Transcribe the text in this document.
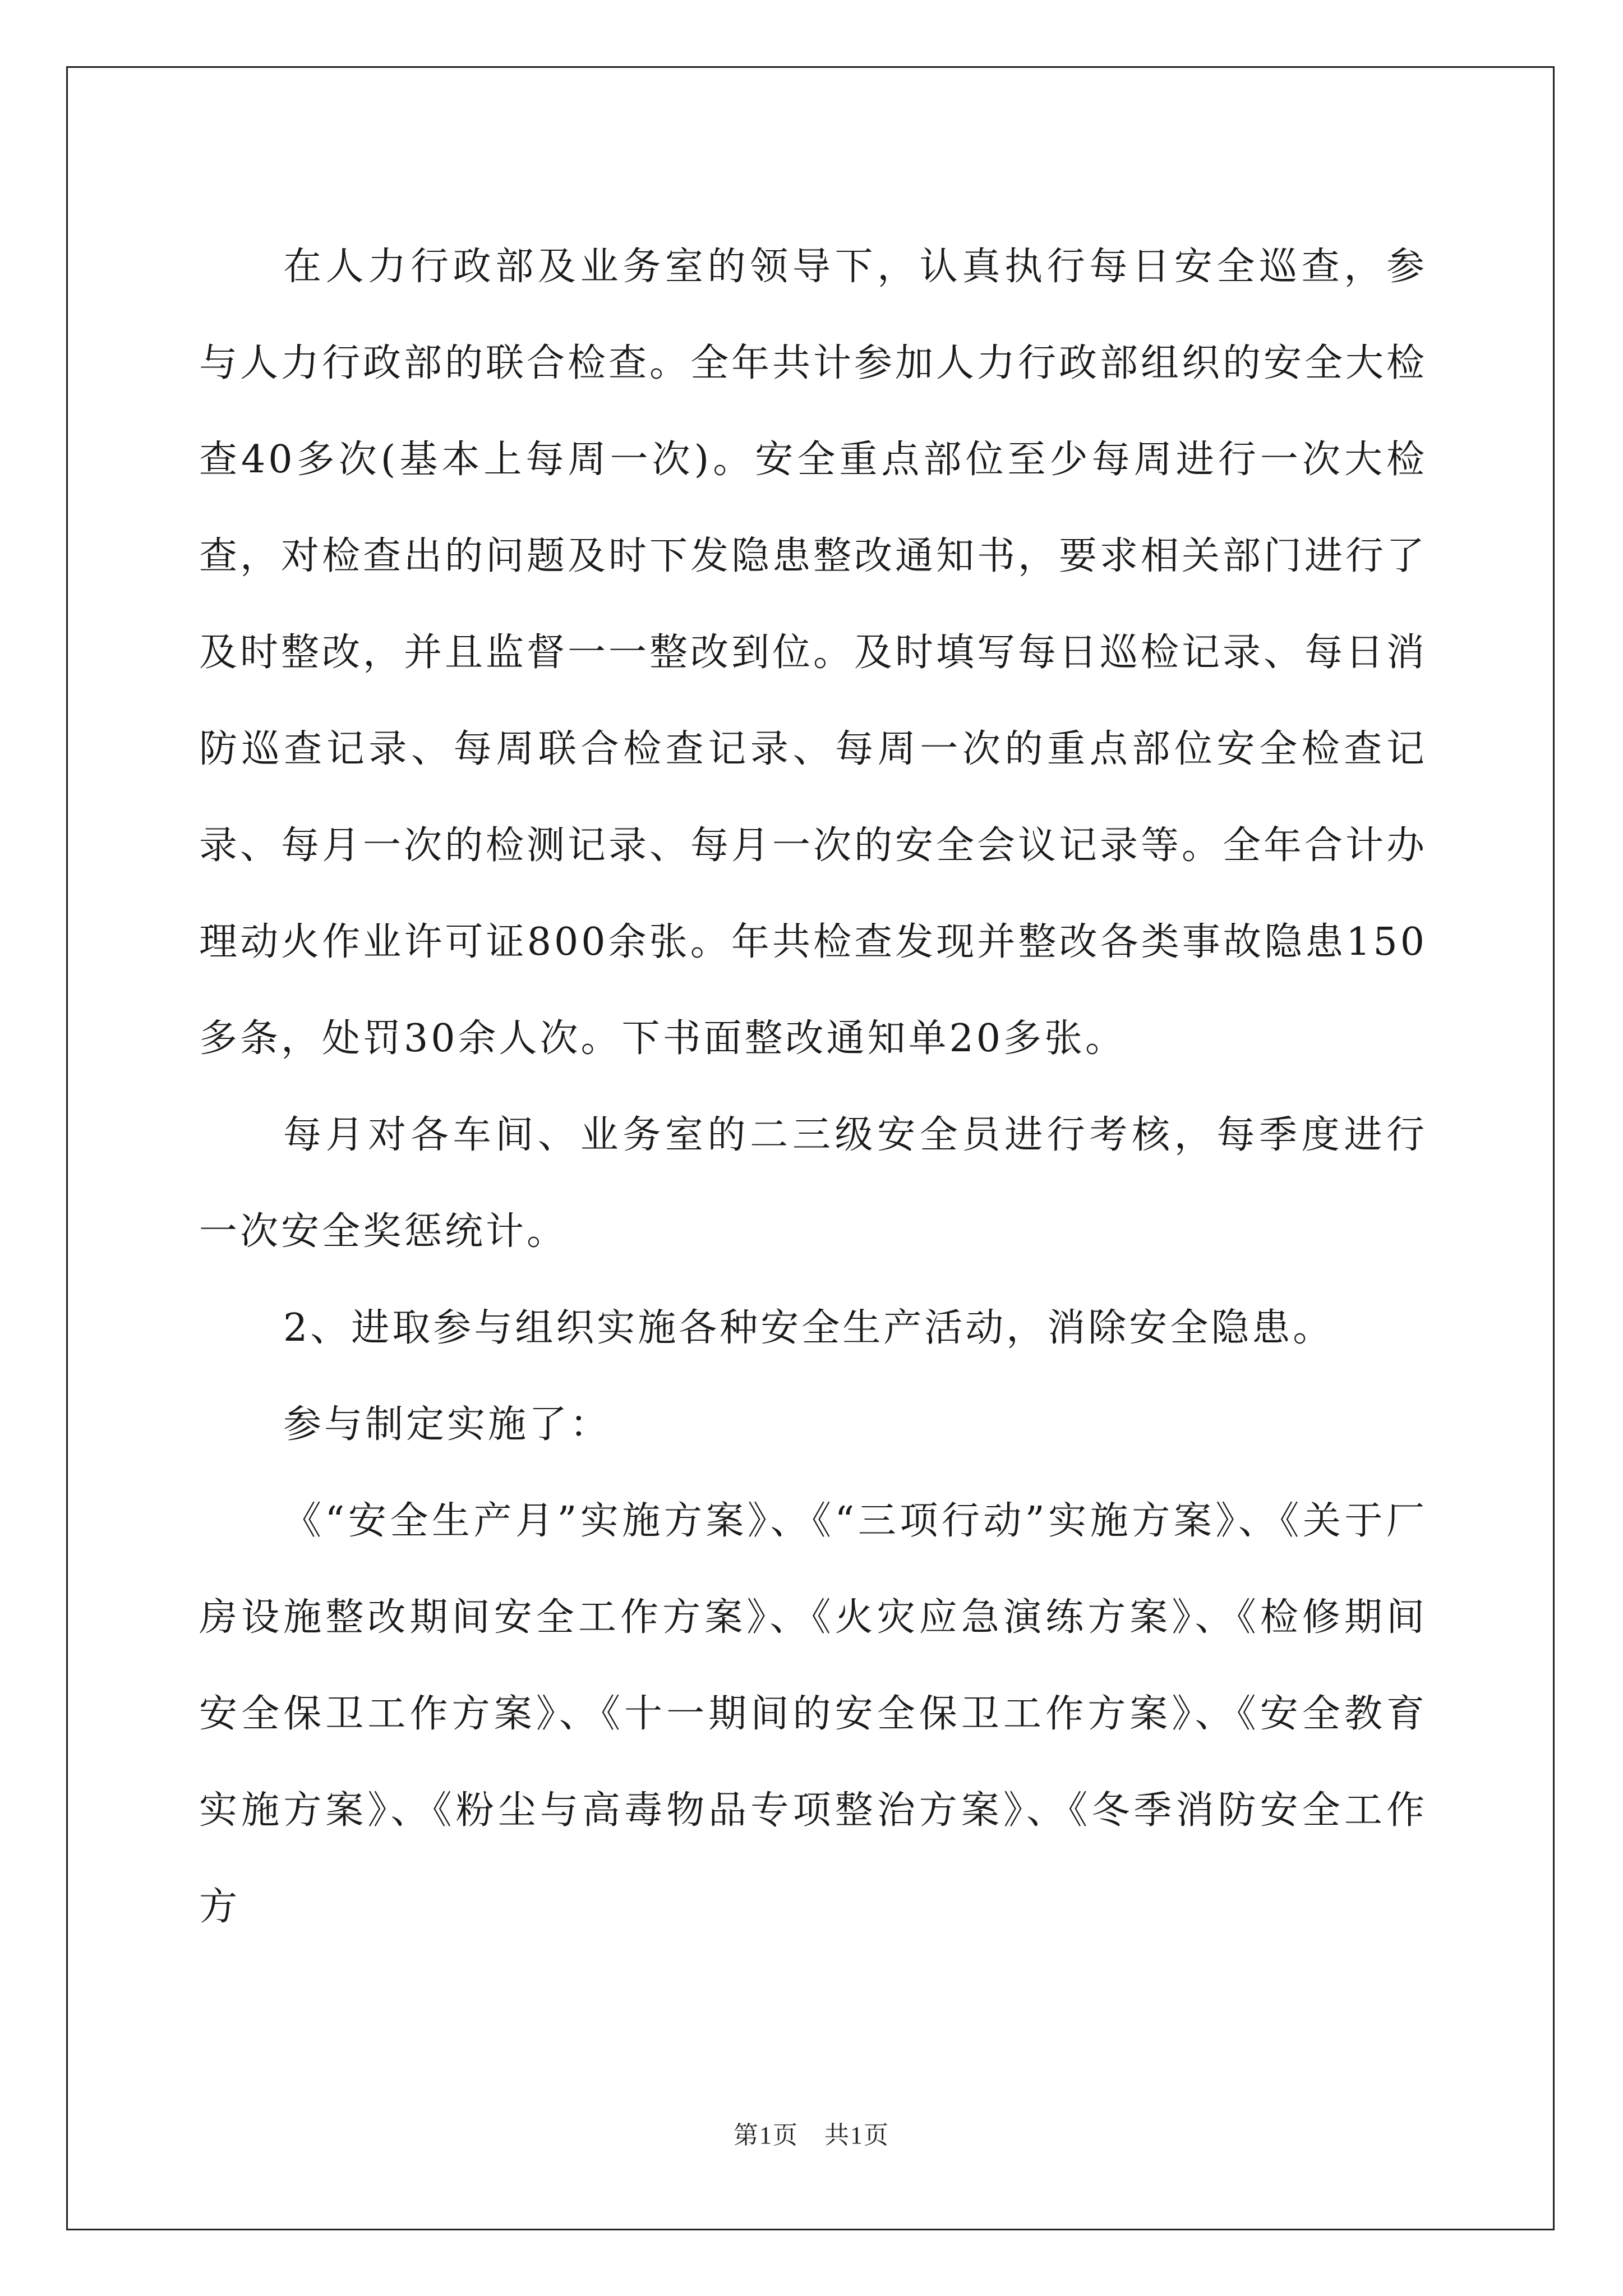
在人力行政部及业务室的领导下，认真执行每日安全巡查，参与人力行政部的联合检查。全年共计参加人力行政部组织的安全大检查40多次(基本上每周一次)。安全重点部位至少每周进行一次大检查，对检查出的问题及时下发隐患整改通知书，要求相关部门进行了及时整改，并且监督一一整改到位。及时填写每日巡检记录、每日消防巡查记录、每周联合检查记录、每周一次的重点部位安全检查记录、每月一次的检测记录、每月一次的安全会议记录等。全年合计办理动火作业许可证800余张。年共检查发现并整改各类事故隐患150多条，处罚30余人次。下书面整改通知单20多张。

每月对各车间、业务室的二三级安全员进行考核，每季度进行一次安全奖惩统计。

2、进取参与组织实施各种安全生产活动，消除安全隐患。

参与制定实施了：

《“安全生产月”实施方案》、《“三项行动”实施方案》、《关于厂房设施整改期间安全工作方案》、《火灾应急演练方案》、《检修期间安全保卫工作方案》、《十一期间的安全保卫工作方案》、《安全教育实施方案》、《粉尘与高毒物品专项整治方案》、《冬季消防安全工作方

第1页　共1页
